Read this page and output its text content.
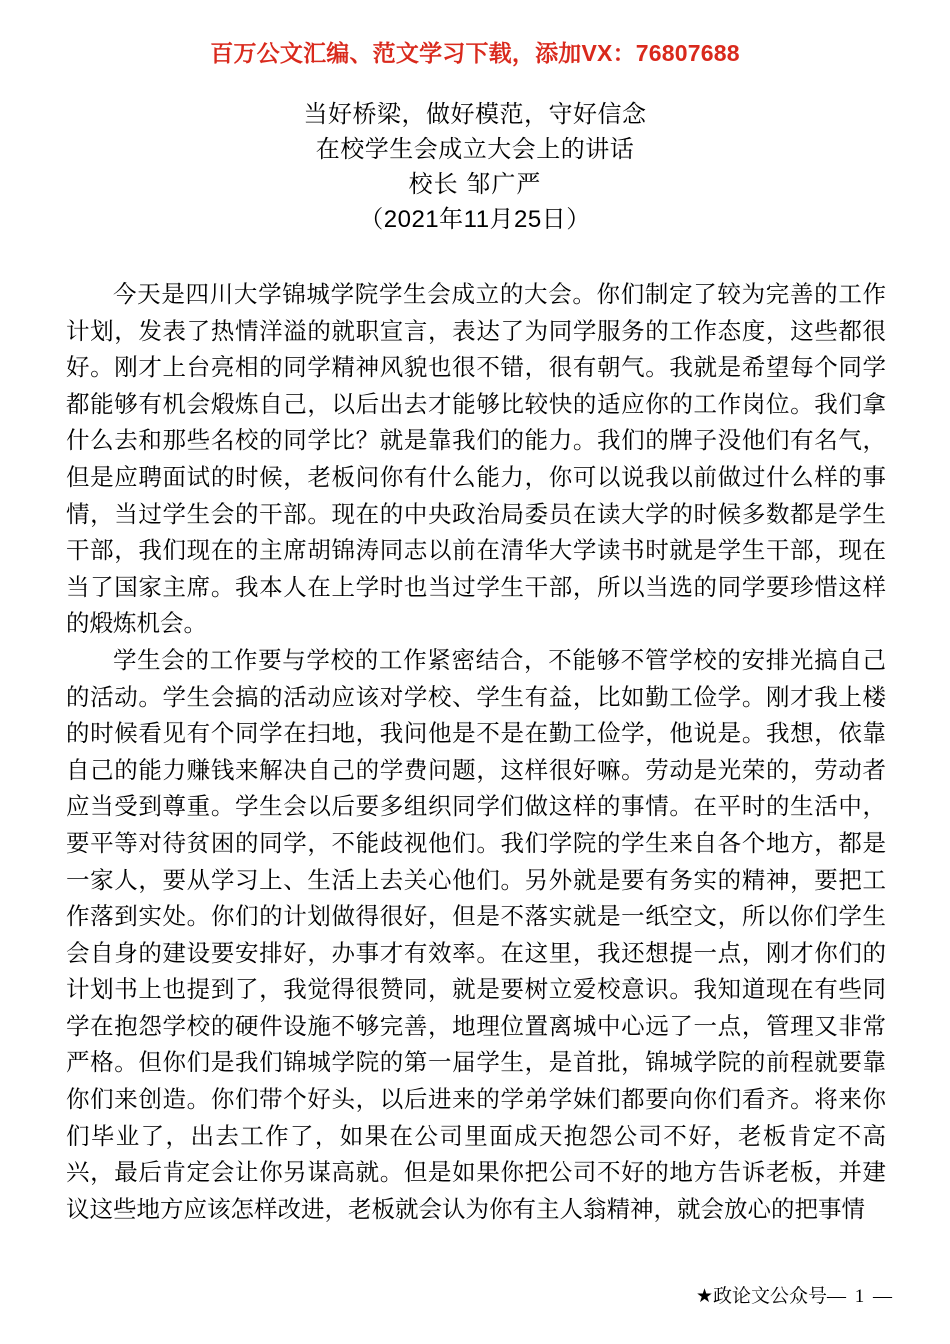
百万公文汇编、范文学习下载，添加VX：76807688
当好桥梁，做好模范，守好信念
在校学生会成立大会上的讲话
校长 邹广严
（2021年11月25日）

今天是四川大学锦城学院学生会成立的大会。你们制定了较为完善的工作计划，发表了热情洋溢的就职宣言，表达了为同学服务的工作态度，这些都很好。刚才上台亮相的同学精神风貌也很不错，很有朝气。我就是希望每个同学都能够有机会煅炼自己，以后出去才能够比较快的适应你的工作岗位。我们拿什么去和那些名校的同学比？就是靠我们的能力。我们的牌子没他们有名气，但是应聘面试的时候，老板问你有什么能力，你可以说我以前做过什么样的事情，当过学生会的干部。现在的中央政治局委员在读大学的时候多数都是学生干部，我们现在的主席胡锦涛同志以前在清华大学读书时就是学生干部，现在当了国家主席。我本人在上学时也当过学生干部，所以当选的同学要珍惜这样的煅炼机会。

学生会的工作要与学校的工作紧密结合，不能够不管学校的安排光搞自己的活动。学生会搞的活动应该对学校、学生有益，比如勤工俭学。刚才我上楼的时候看见有个同学在扫地，我问他是不是在勤工俭学，他说是。我想，依靠自己的能力赚钱来解决自己的学费问题，这样很好嘛。劳动是光荣的，劳动者应当受到尊重。学生会以后要多组织同学们做这样的事情。在平时的生活中，要平等对待贫困的同学，不能歧视他们。我们学院的学生来自各个地方，都是一家人，要从学习上、生活上去关心他们。另外就是要有务实的精神，要把工作落到实处。你们的计划做得很好，但是不落实就是一纸空文，所以你们学生会自身的建设要安排好，办事才有效率。在这里，我还想提一点，刚才你们的计划书上也提到了，我觉得很赞同，就是要树立爱校意识。我知道现在有些同学在抱怨学校的硬件设施不够完善，地理位置离城中心远了一点，管理又非常严格。但你们是我们锦城学院的第一届学生，是首批，锦城学院的前程就要靠你们来创造。你们带个好头，以后进来的学弟学妹们都要向你们看齐。将来你们毕业了，出去工作了，如果在公司里面成天抱怨公司不好，老板肯定不高兴，最后肯定会让你另谋高就。但是如果你把公司不好的地方告诉老板，并建议这些地方应该怎样改进，老板就会认为你有主人翁精神，就会放心的把事情

★政论文公众号— 1 —
